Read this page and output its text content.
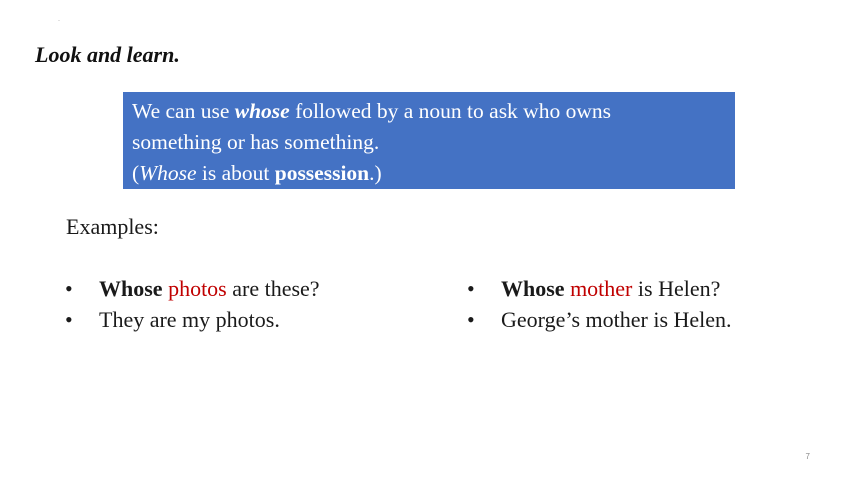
·
Look and learn.

We can use whose followed by a noun to ask who owns

something or has something.

(Whose is about possession.)

Examples:
• Whose photos are these?
• They are my photos.
• Whose mother is Helen?
• George’s mother is Helen.
7
